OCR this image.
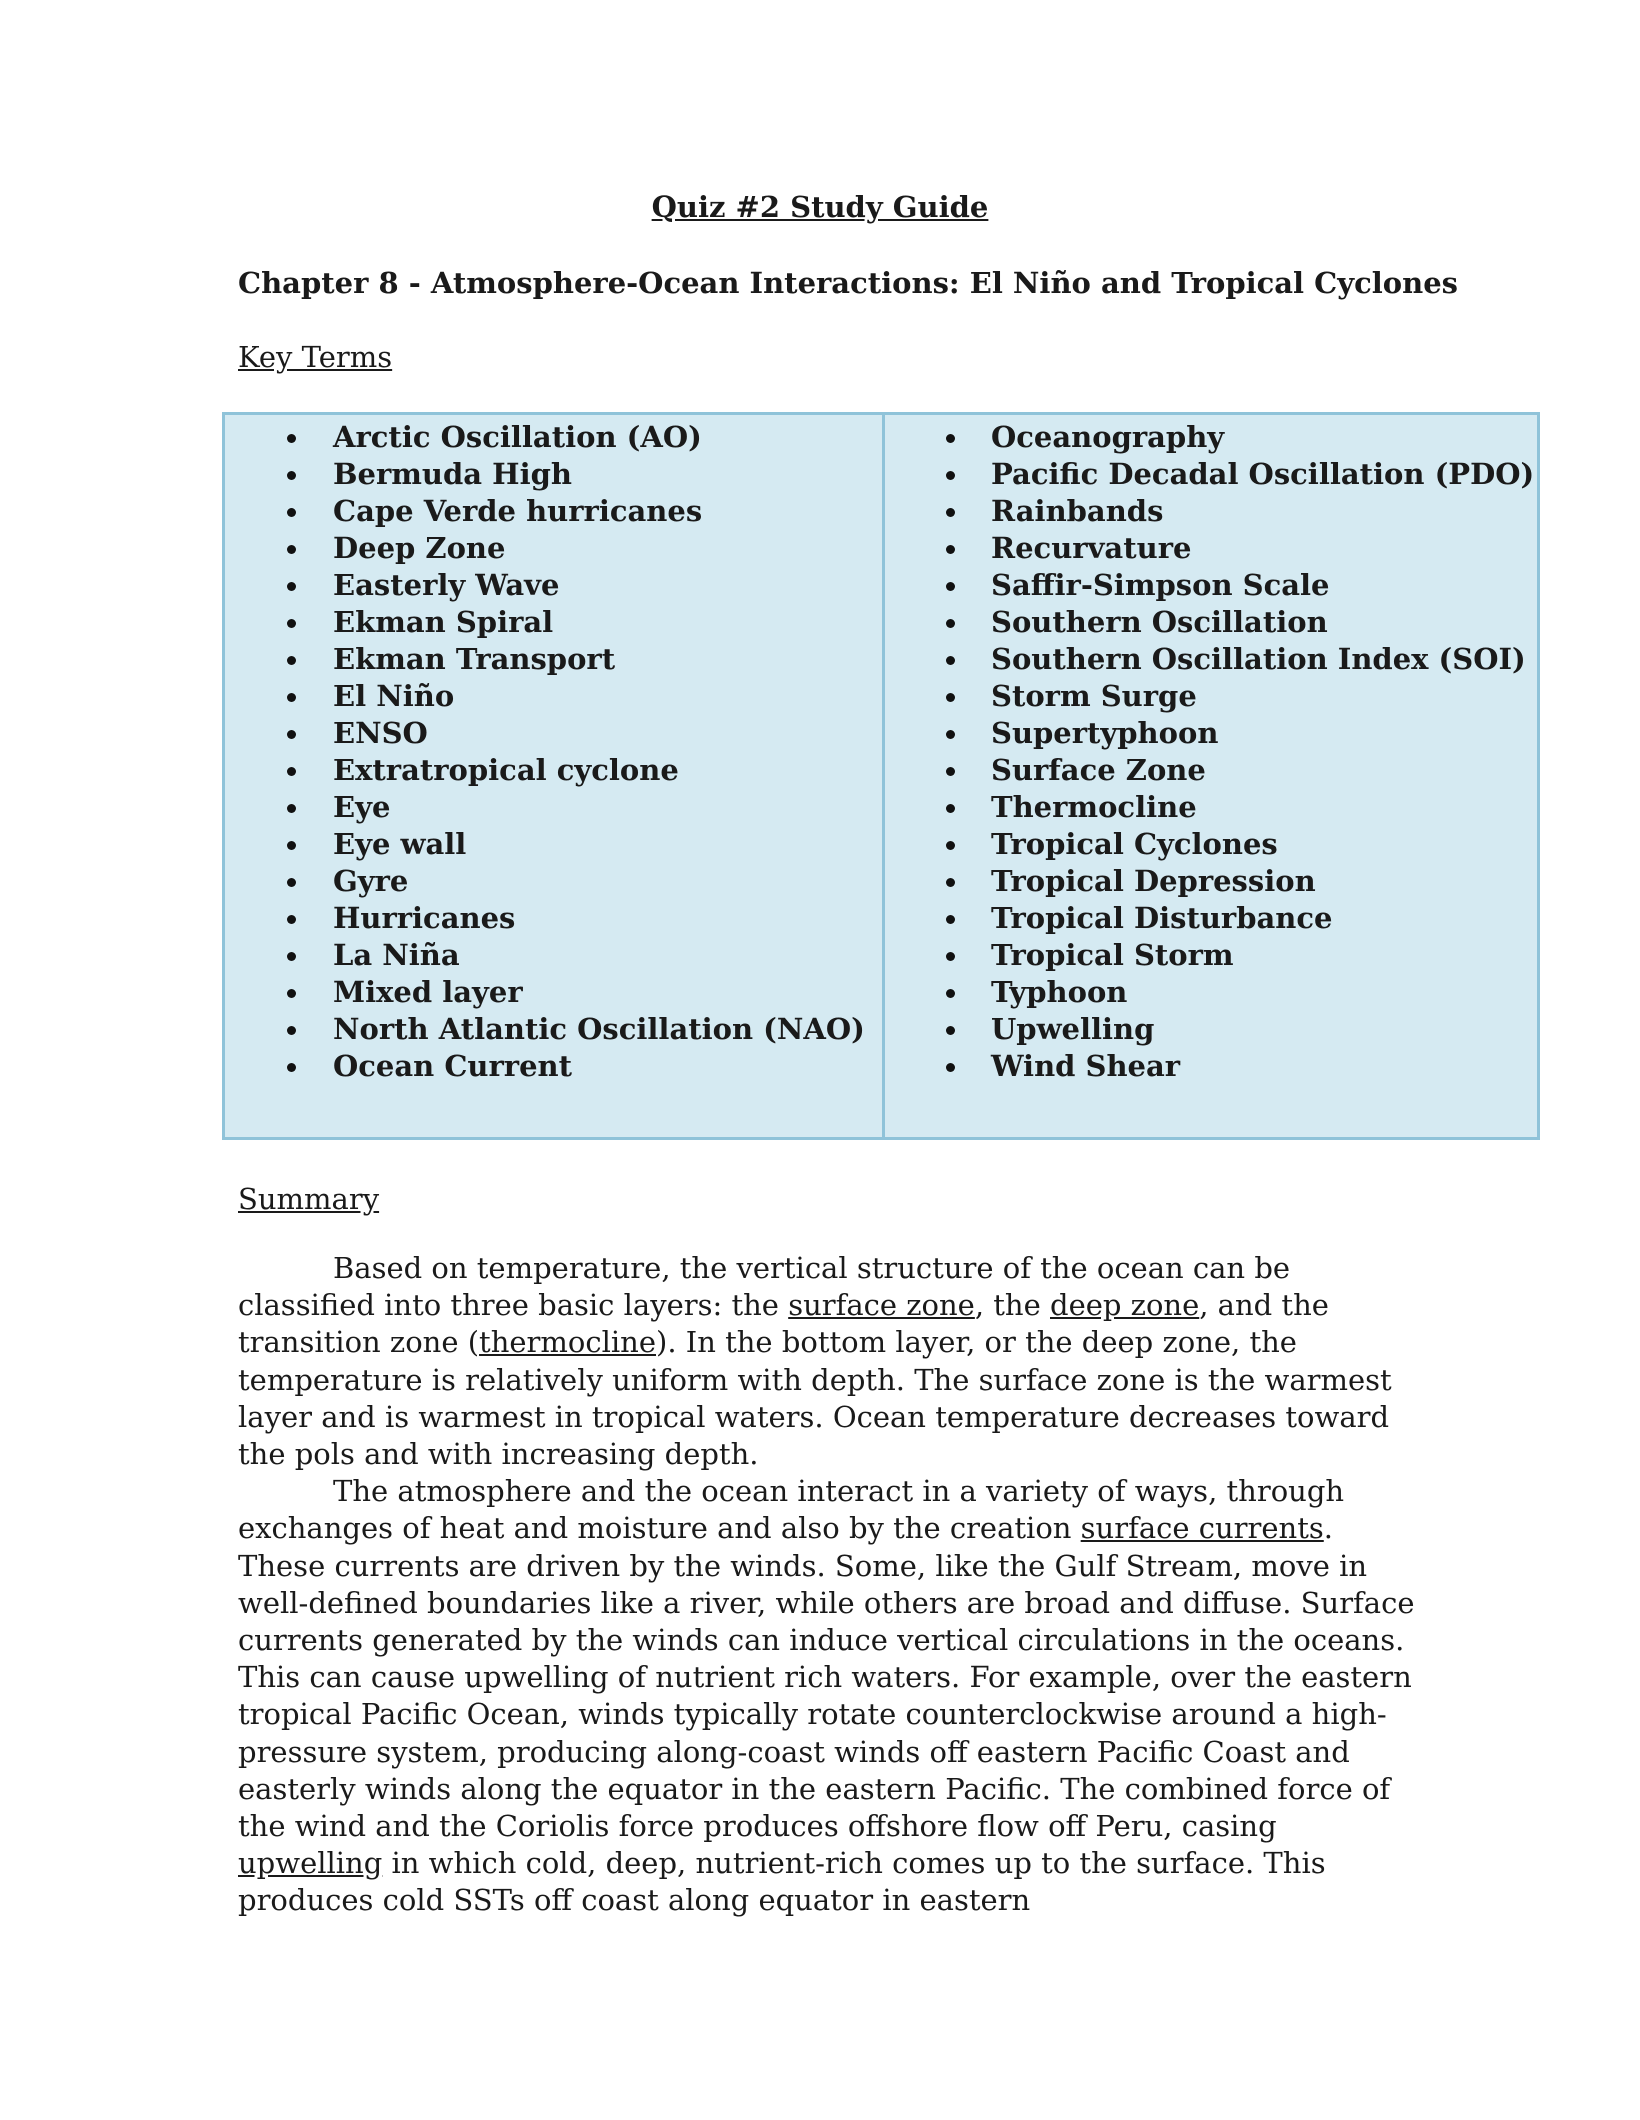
Quiz #2 Study Guide
Chapter 8 - Atmosphere-Ocean Interactions: El Niño and Tropical Cyclones
Key Terms
Arctic Oscillation (AO)
Bermuda High
Cape Verde hurricanes
Deep Zone
Easterly Wave
Ekman Spiral
Ekman Transport
El Niño
ENSO
Extratropical cyclone
Eye
Eye wall
Gyre
Hurricanes
La Niña
Mixed layer
North Atlantic Oscillation (NAO)
Ocean Current
Oceanography
Pacific Decadal Oscillation (PDO)
Rainbands
Recurvature
Saffir-Simpson Scale
Southern Oscillation
Southern Oscillation Index (SOI)
Storm Surge
Supertyphoon
Surface Zone
Thermocline
Tropical Cyclones
Tropical Depression
Tropical Disturbance
Tropical Storm
Typhoon
Upwelling
Wind Shear
Summary

Based on temperature, the vertical structure of the ocean can be classified into three basic layers: the surface zone, the deep zone, and the transition zone (thermocline). In the bottom layer, or the deep zone, the temperature is relatively uniform with depth. The surface zone is the warmest layer and is warmest in tropical waters. Ocean temperature decreases toward the pols and with increasing depth.

The atmosphere and the ocean interact in a variety of ways, through exchanges of heat and moisture and also by the creation surface currents. These currents are driven by the winds. Some, like the Gulf Stream, move in well-defined boundaries like a river, while others are broad and diffuse. Surface currents generated by the winds can induce vertical circulations in the oceans. This can cause upwelling of nutrient rich waters. For example, over the eastern tropical Pacific Ocean, winds typically rotate counterclockwise around a high-pressure system, producing along-coast winds off eastern Pacific Coast and easterly winds along the equator in the eastern Pacific. The combined force of the wind and the Coriolis force produces offshore flow off Peru, casing upwelling in which cold, deep, nutrient-rich comes up to the surface. This produces cold SSTs off coast along equator in eastern
